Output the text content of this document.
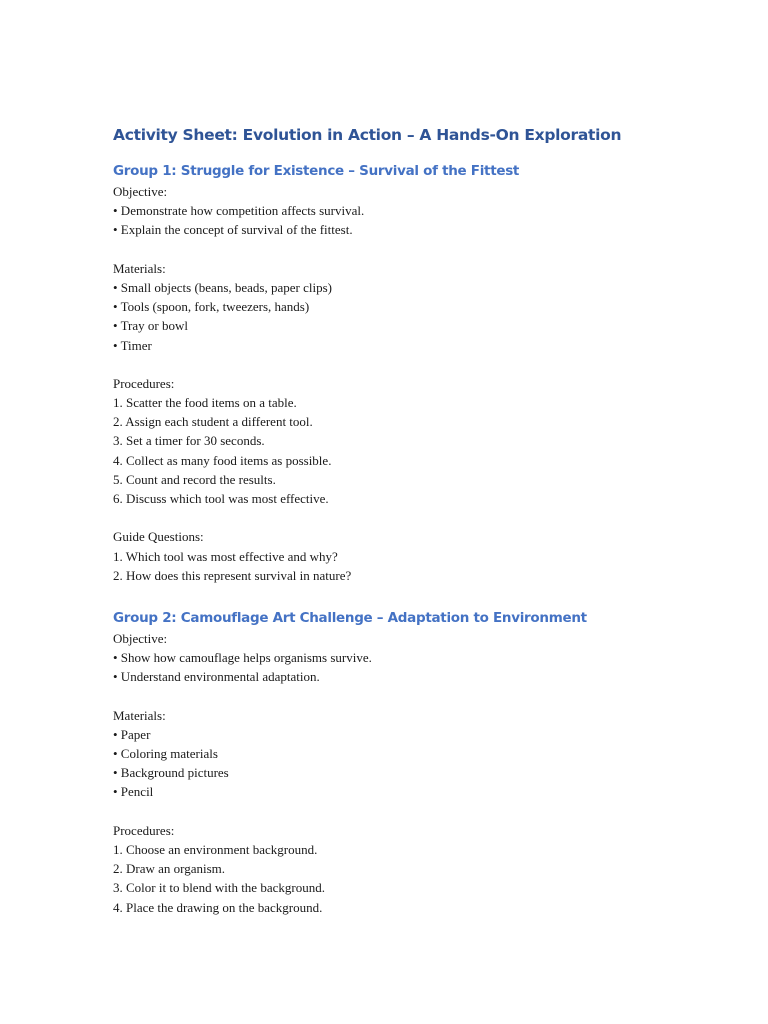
Activity Sheet: Evolution in Action – A Hands-On Exploration
Group 1: Struggle for Existence – Survival of the Fittest
Objective:
• Demonstrate how competition affects survival.
• Explain the concept of survival of the fittest.
Materials:
• Small objects (beans, beads, paper clips)
• Tools (spoon, fork, tweezers, hands)
• Tray or bowl
• Timer
Procedures:
1. Scatter the food items on a table.
2. Assign each student a different tool.
3. Set a timer for 30 seconds.
4. Collect as many food items as possible.
5. Count and record the results.
6. Discuss which tool was most effective.
Guide Questions:
1. Which tool was most effective and why?
2. How does this represent survival in nature?
Group 2: Camouflage Art Challenge – Adaptation to Environment
Objective:
• Show how camouflage helps organisms survive.
• Understand environmental adaptation.
Materials:
• Paper
• Coloring materials
• Background pictures
• Pencil
Procedures:
1. Choose an environment background.
2. Draw an organism.
3. Color it to blend with the background.
4. Place the drawing on the background.
